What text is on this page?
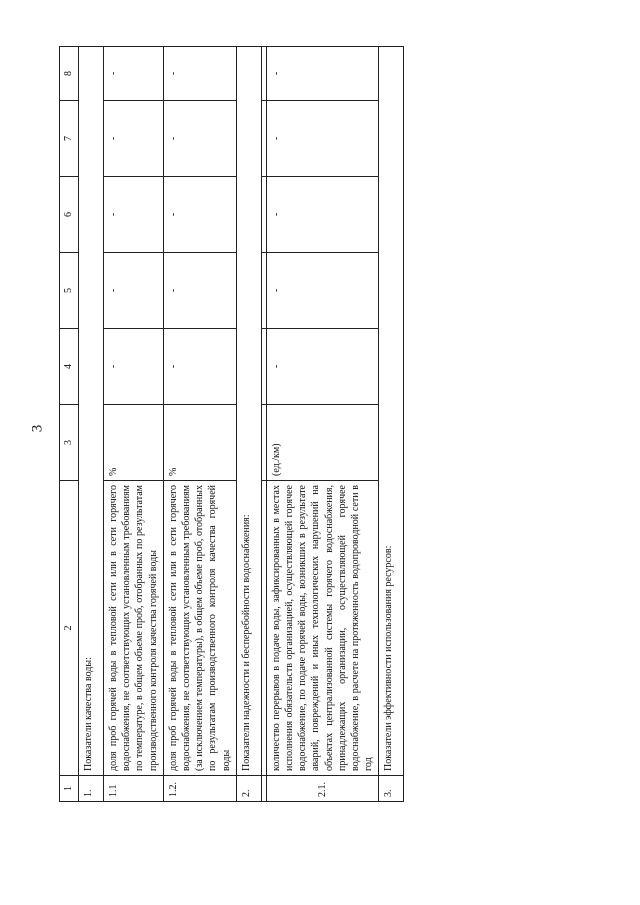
3
1	2	3	4	5	6	7	8
1.	Показатели качества воды:						
1.1	доля проб горячей воды в тепловой сети или в сети горячего водоснабжения, не соответствующих установленным требованиям по температуре, в общем объеме проб, отобранных по результатам производственного контроля качества горячей воды	%	-	-	-	-	-
1.2.	доля проб горячей воды в тепловой сети или в сети горячего водоснабжения, не соответствующих установленным требованиям (за исключением температуры), в общем объеме проб, отобранных по результатам производственного контроля качества горячей воды	%	-	-	-	-	-
2.	Показатели надежности и бесперебойности водоснабжения:						

2.1.	количество перерывов в подаче воды, зафиксированных в местах исполнения обязательств организацией, осуществляющей горячее водоснабжение, по подаче горячей воды, возникших в результате аварий, повреждений и иных технологических нарушений на объектах централизованной системы горячего водоснабжения, принадлежащих организации, осуществляющей горячее водоснабжение, в расчете на протяженность водопроводной сети в год	(ед./км)	-	-	-	-	-
3.	Показатели эффективности использования ресурсов:						
